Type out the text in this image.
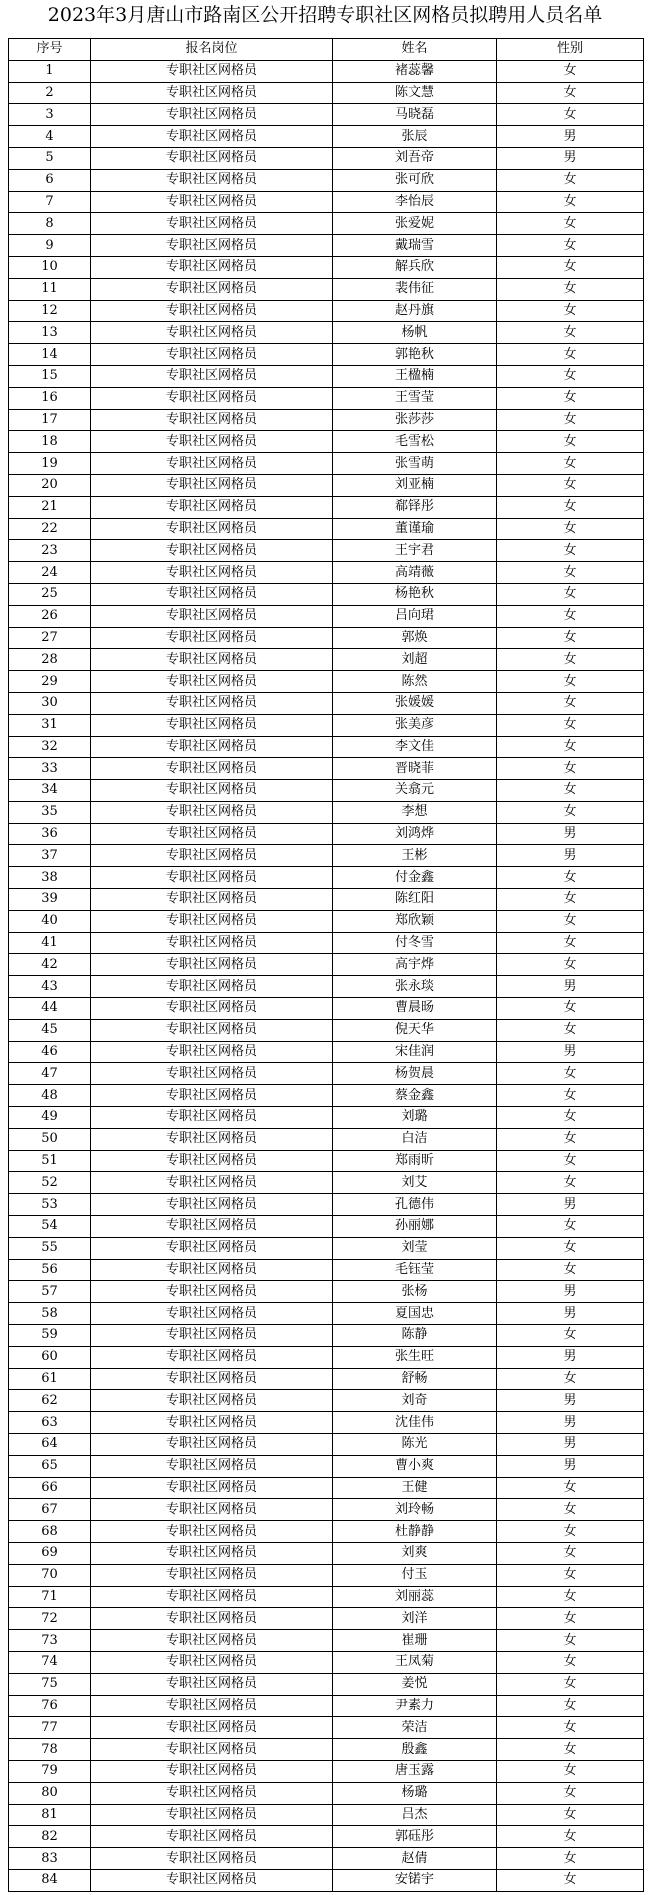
2023年3月唐山市路南区公开招聘专职社区网格员拟聘用人员名单
序号	报名岗位	姓名	性别
1	专职社区网格员	褚蕊馨	女
2	专职社区网格员	陈文慧	女
3	专职社区网格员	马晓磊	女
4	专职社区网格员	张辰	男
5	专职社区网格员	刘吾帝	男
6	专职社区网格员	张可欣	女
7	专职社区网格员	李怡辰	女
8	专职社区网格员	张爱妮	女
9	专职社区网格员	戴瑞雪	女
10	专职社区网格员	解兵欣	女
11	专职社区网格员	裴伟征	女
12	专职社区网格员	赵丹旗	女
13	专职社区网格员	杨帆	女
14	专职社区网格员	郭艳秋	女
15	专职社区网格员	王楹楠	女
16	专职社区网格员	王雪莹	女
17	专职社区网格员	张莎莎	女
18	专职社区网格员	毛雪松	女
19	专职社区网格员	张雪萌	女
20	专职社区网格员	刘亚楠	女
21	专职社区网格员	郗铎彤	女
22	专职社区网格员	董谨瑜	女
23	专职社区网格员	王宇君	女
24	专职社区网格员	高靖薇	女
25	专职社区网格员	杨艳秋	女
26	专职社区网格员	吕向珺	女
27	专职社区网格员	郭焕	女
28	专职社区网格员	刘超	女
29	专职社区网格员	陈然	女
30	专职社区网格员	张媛媛	女
31	专职社区网格员	张美彦	女
32	专职社区网格员	李文佳	女
33	专职社区网格员	晋晓菲	女
34	专职社区网格员	关翕元	女
35	专职社区网格员	李想	女
36	专职社区网格员	刘鸿烨	男
37	专职社区网格员	王彬	男
38	专职社区网格员	付金鑫	女
39	专职社区网格员	陈红阳	女
40	专职社区网格员	郑欣颖	女
41	专职社区网格员	付冬雪	女
42	专职社区网格员	高宇烨	女
43	专职社区网格员	张永琰	男
44	专职社区网格员	曹晨旸	女
45	专职社区网格员	倪天华	女
46	专职社区网格员	宋佳润	男
47	专职社区网格员	杨贺晨	女
48	专职社区网格员	蔡金鑫	女
49	专职社区网格员	刘璐	女
50	专职社区网格员	白洁	女
51	专职社区网格员	郑雨昕	女
52	专职社区网格员	刘艾	女
53	专职社区网格员	孔德伟	男
54	专职社区网格员	孙丽娜	女
55	专职社区网格员	刘莹	女
56	专职社区网格员	毛钰莹	女
57	专职社区网格员	张杨	男
58	专职社区网格员	夏国忠	男
59	专职社区网格员	陈静	女
60	专职社区网格员	张生旺	男
61	专职社区网格员	舒畅	女
62	专职社区网格员	刘奇	男
63	专职社区网格员	沈佳伟	男
64	专职社区网格员	陈光	男
65	专职社区网格员	曹小爽	男
66	专职社区网格员	王健	女
67	专职社区网格员	刘玲畅	女
68	专职社区网格员	杜静静	女
69	专职社区网格员	刘爽	女
70	专职社区网格员	付玉	女
71	专职社区网格员	刘丽蕊	女
72	专职社区网格员	刘洋	女
73	专职社区网格员	崔珊	女
74	专职社区网格员	王凤菊	女
75	专职社区网格员	姜悦	女
76	专职社区网格员	尹素力	女
77	专职社区网格员	荣洁	女
78	专职社区网格员	殷鑫	女
79	专职社区网格员	唐玉露	女
80	专职社区网格员	杨璐	女
81	专职社区网格员	吕杰	女
82	专职社区网格员	郭砡彤	女
83	专职社区网格员	赵倩	女
84	专职社区网格员	安锘宇	女
